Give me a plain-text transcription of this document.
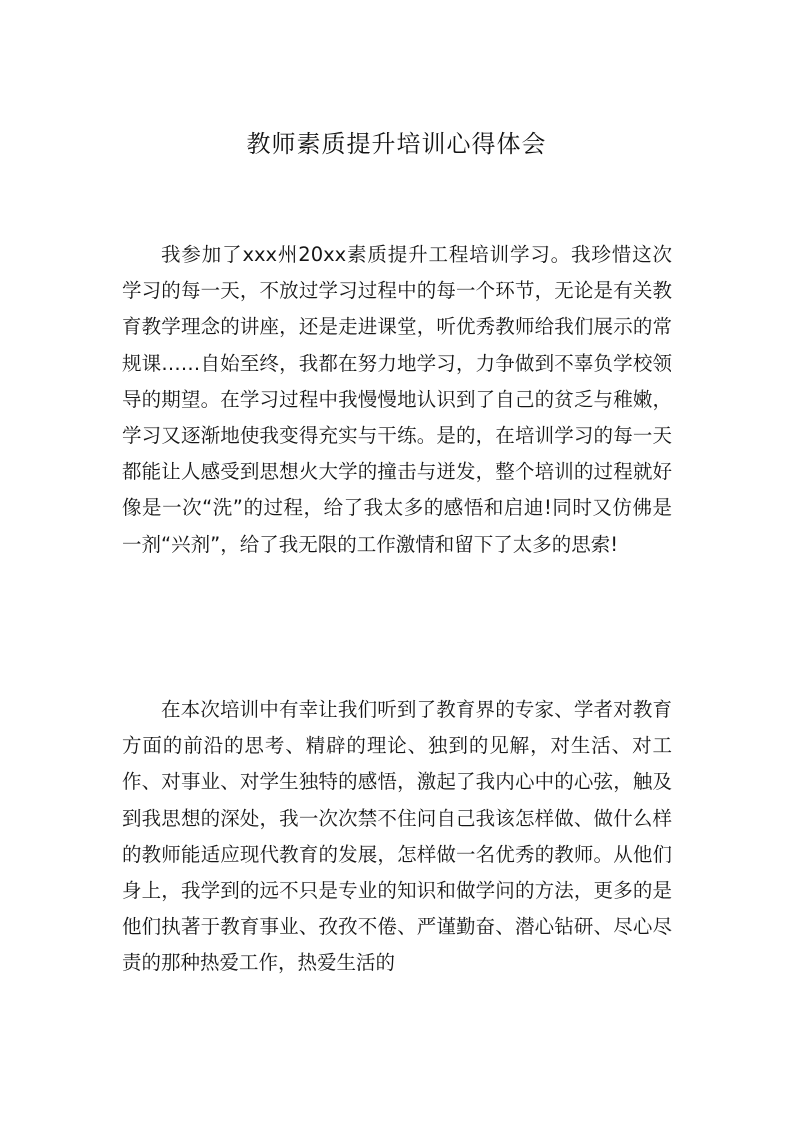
教师素质提升培训心得体会

我参加了xxx州20xx素质提升工程培训学习。我珍惜这次学习的每一天，不放过学习过程中的每一个环节，无论是有关教育教学理念的讲座，还是走进课堂，听优秀教师给我们展示的常规课……自始至终，我都在努力地学习，力争做到不辜负学校领导的期望。在学习过程中我慢慢地认识到了自己的贫乏与稚嫩，学习又逐渐地使我变得充实与干练。是的，在培训学习的每一天都能让人感受到思想火大学的撞击与迸发，整个培训的过程就好像是一次“洗”的过程，给了我太多的感悟和启迪!同时又仿佛是一剂“兴剂”，给了我无限的工作激情和留下了太多的思索!

在本次培训中有幸让我们听到了教育界的专家、学者对教育方面的前沿的思考、精辟的理论、独到的见解，对生活、对工作、对事业、对学生独特的感悟，激起了我内心中的心弦，触及到我思想的深处，我一次次禁不住问自己我该怎样做、做什么样的教师能适应现代教育的发展，怎样做一名优秀的教师。从他们身上，我学到的远不只是专业的知识和做学问的方法，更多的是他们执著于教育事业、孜孜不倦、严谨勤奋、潜心钻研、尽心尽责的那种热爱工作，热爱生活的
